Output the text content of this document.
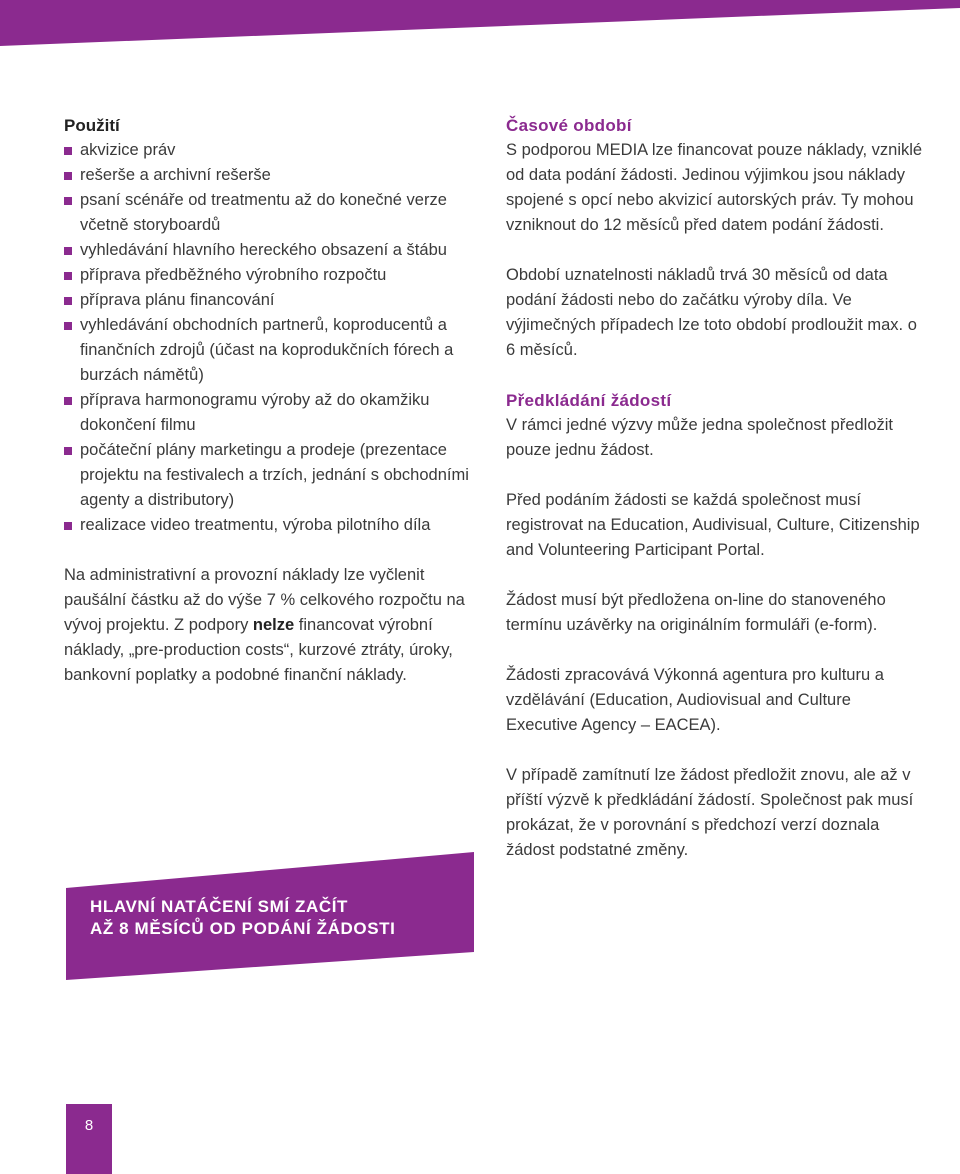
Použití
akvizice práv
rešerše a archivní rešerše
psaní scénáře od treatmentu až do konečné verze včetně storyboardů
vyhledávání hlavního hereckého obsazení a štábu
příprava předběžného výrobního rozpočtu
příprava plánu financování
vyhledávání obchodních partnerů, koproducentů a finančních zdrojů (účast na koprodukčních fórech a burzách námětů)
příprava harmonogramu výroby až do okamžiku dokončení filmu
počáteční plány marketingu a prodeje (prezentace projektu na festivalech a trzích, jednání s obchodními agenty a distributory)
realizace video treatmentu, výroba pilotního díla

Na administrativní a provozní náklady lze vyčlenit paušální částku až do výše 7 % celkového rozpočtu na vývoj projektu. Z podpory nelze financovat výrobní náklady, „pre-production costs“, kurzové ztráty, úroky, bankovní poplatky a podobné finanční náklady.

Časové období

S podporou MEDIA lze financovat pouze náklady, vzniklé od data podání žádosti. Jedinou výjimkou jsou náklady spojené s opcí nebo akvizicí autorských práv. Ty mohou vzniknout do 12 měsíců před datem podání žádosti.

Období uznatelnosti nákladů trvá 30 měsíců od data podání žádosti nebo do začátku výroby díla. Ve výjimečných případech lze toto období prodloužit max. o 6 měsíců.

Předkládání žádostí

V rámci jedné výzvy může jedna společnost předložit pouze jednu žádost.

Před podáním žádosti se každá společnost musí registrovat na Education, Audivisual, Culture, Citizenship and Volunteering Participant Portal.

Žádost musí být předložena on-line do stanoveného termínu uzávěrky na originálním formuláři (e-form).

Žádosti zpracovává Výkonná agentura pro kulturu a vzdělávání (Education, Audiovisual and Culture Executive Agency – EACEA).

V případě zamítnutí lze žádost předložit znovu, ale až v příští výzvě k předkládání žádostí. Společnost pak musí prokázat, že v porovnání s předchozí verzí doznala žádost podstatné změny.

HLAVNÍ NATÁČENÍ SMÍ ZAČÍT
AŽ 8 MĚSÍCŮ OD PODÁNÍ ŽÁDOSTI
8
